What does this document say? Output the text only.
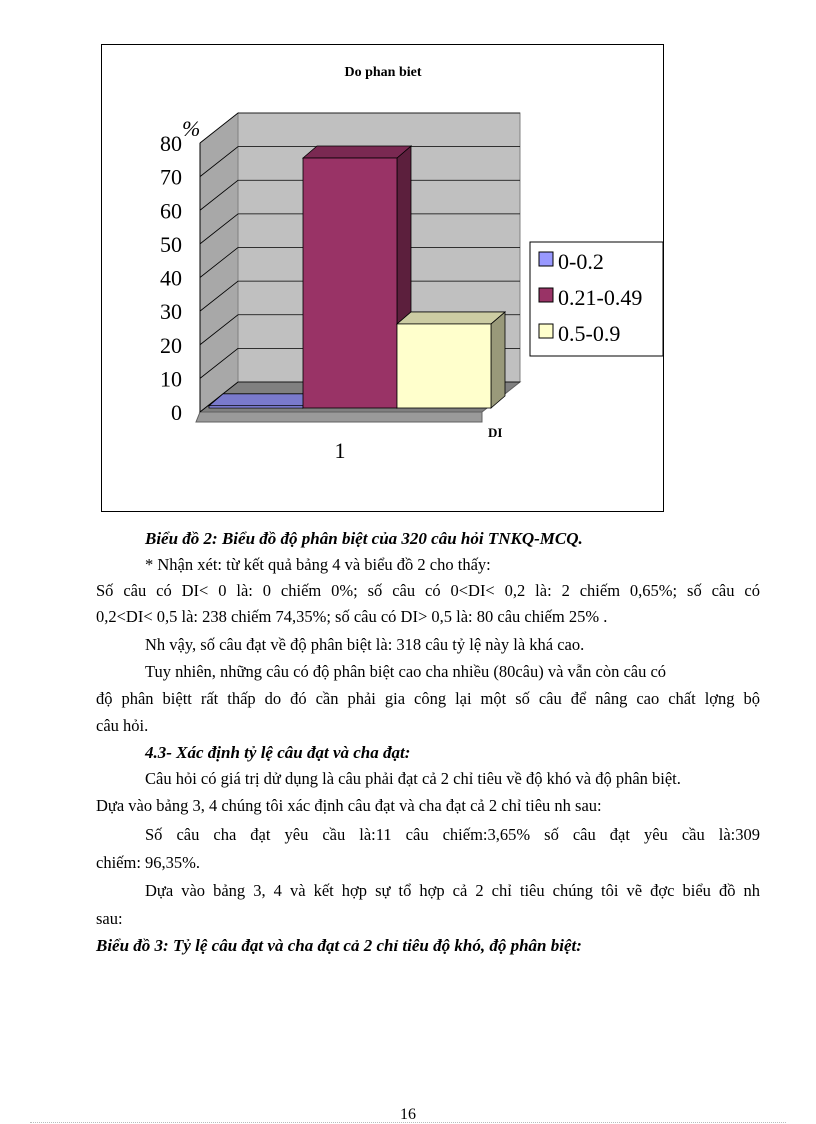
0
10
20
30
40
50
60
70
80
Do phan biet
%
DI
1
0-0.2
0.21-0.49
0.5-0.9
Biểu đồ 2: Biểu đồ độ phân biệt của 320 câu hỏi TNKQ-MCQ.
* Nhận xét: từ kết quả bảng 4 và biểu đồ 2 cho thấy:
Số câu có DI< 0 là: 0 chiếm 0%; số câu có 0<DI< 0,2 là: 2 chiếm 0,65%; số câu có
0,2<DI< 0,5 là: 238 chiếm 74,35%; số câu có DI> 0,5 là: 80 câu chiếm 25% .
Nh vậy, số câu đạt về độ phân biệt là: 318 câu tỷ lệ này là khá cao.
Tuy nhiên, những câu có độ phân biệt cao cha nhiều (80câu) và vẫn còn câu có
độ phân biệtt rất thấp do đó cần phải gia công lại một số câu để nâng cao chất lợng bộ
câu hỏi.
4.3- Xác định tỷ lệ câu đạt và cha đạt:
Câu hỏi có giá trị dử dụng là câu phải đạt cả 2 chỉ tiêu về độ khó và độ phân biệt.
Dựa vào bảng 3, 4 chúng tôi xác định câu đạt và cha đạt cả 2 chỉ tiêu nh sau:
Số câu cha đạt yêu cầu là:11 câu chiếm:3,65% số câu đạt yêu cầu là:309
chiếm: 96,35%.
Dựa vào bảng 3, 4 và kết hợp sự tổ hợp cả 2 chỉ tiêu chúng tôi vẽ đợc biểu đồ nh
sau:
Biểu đồ 3: Tỷ lệ câu đạt và cha đạt cả 2 chỉ tiêu độ khó, độ phân biệt:
16
